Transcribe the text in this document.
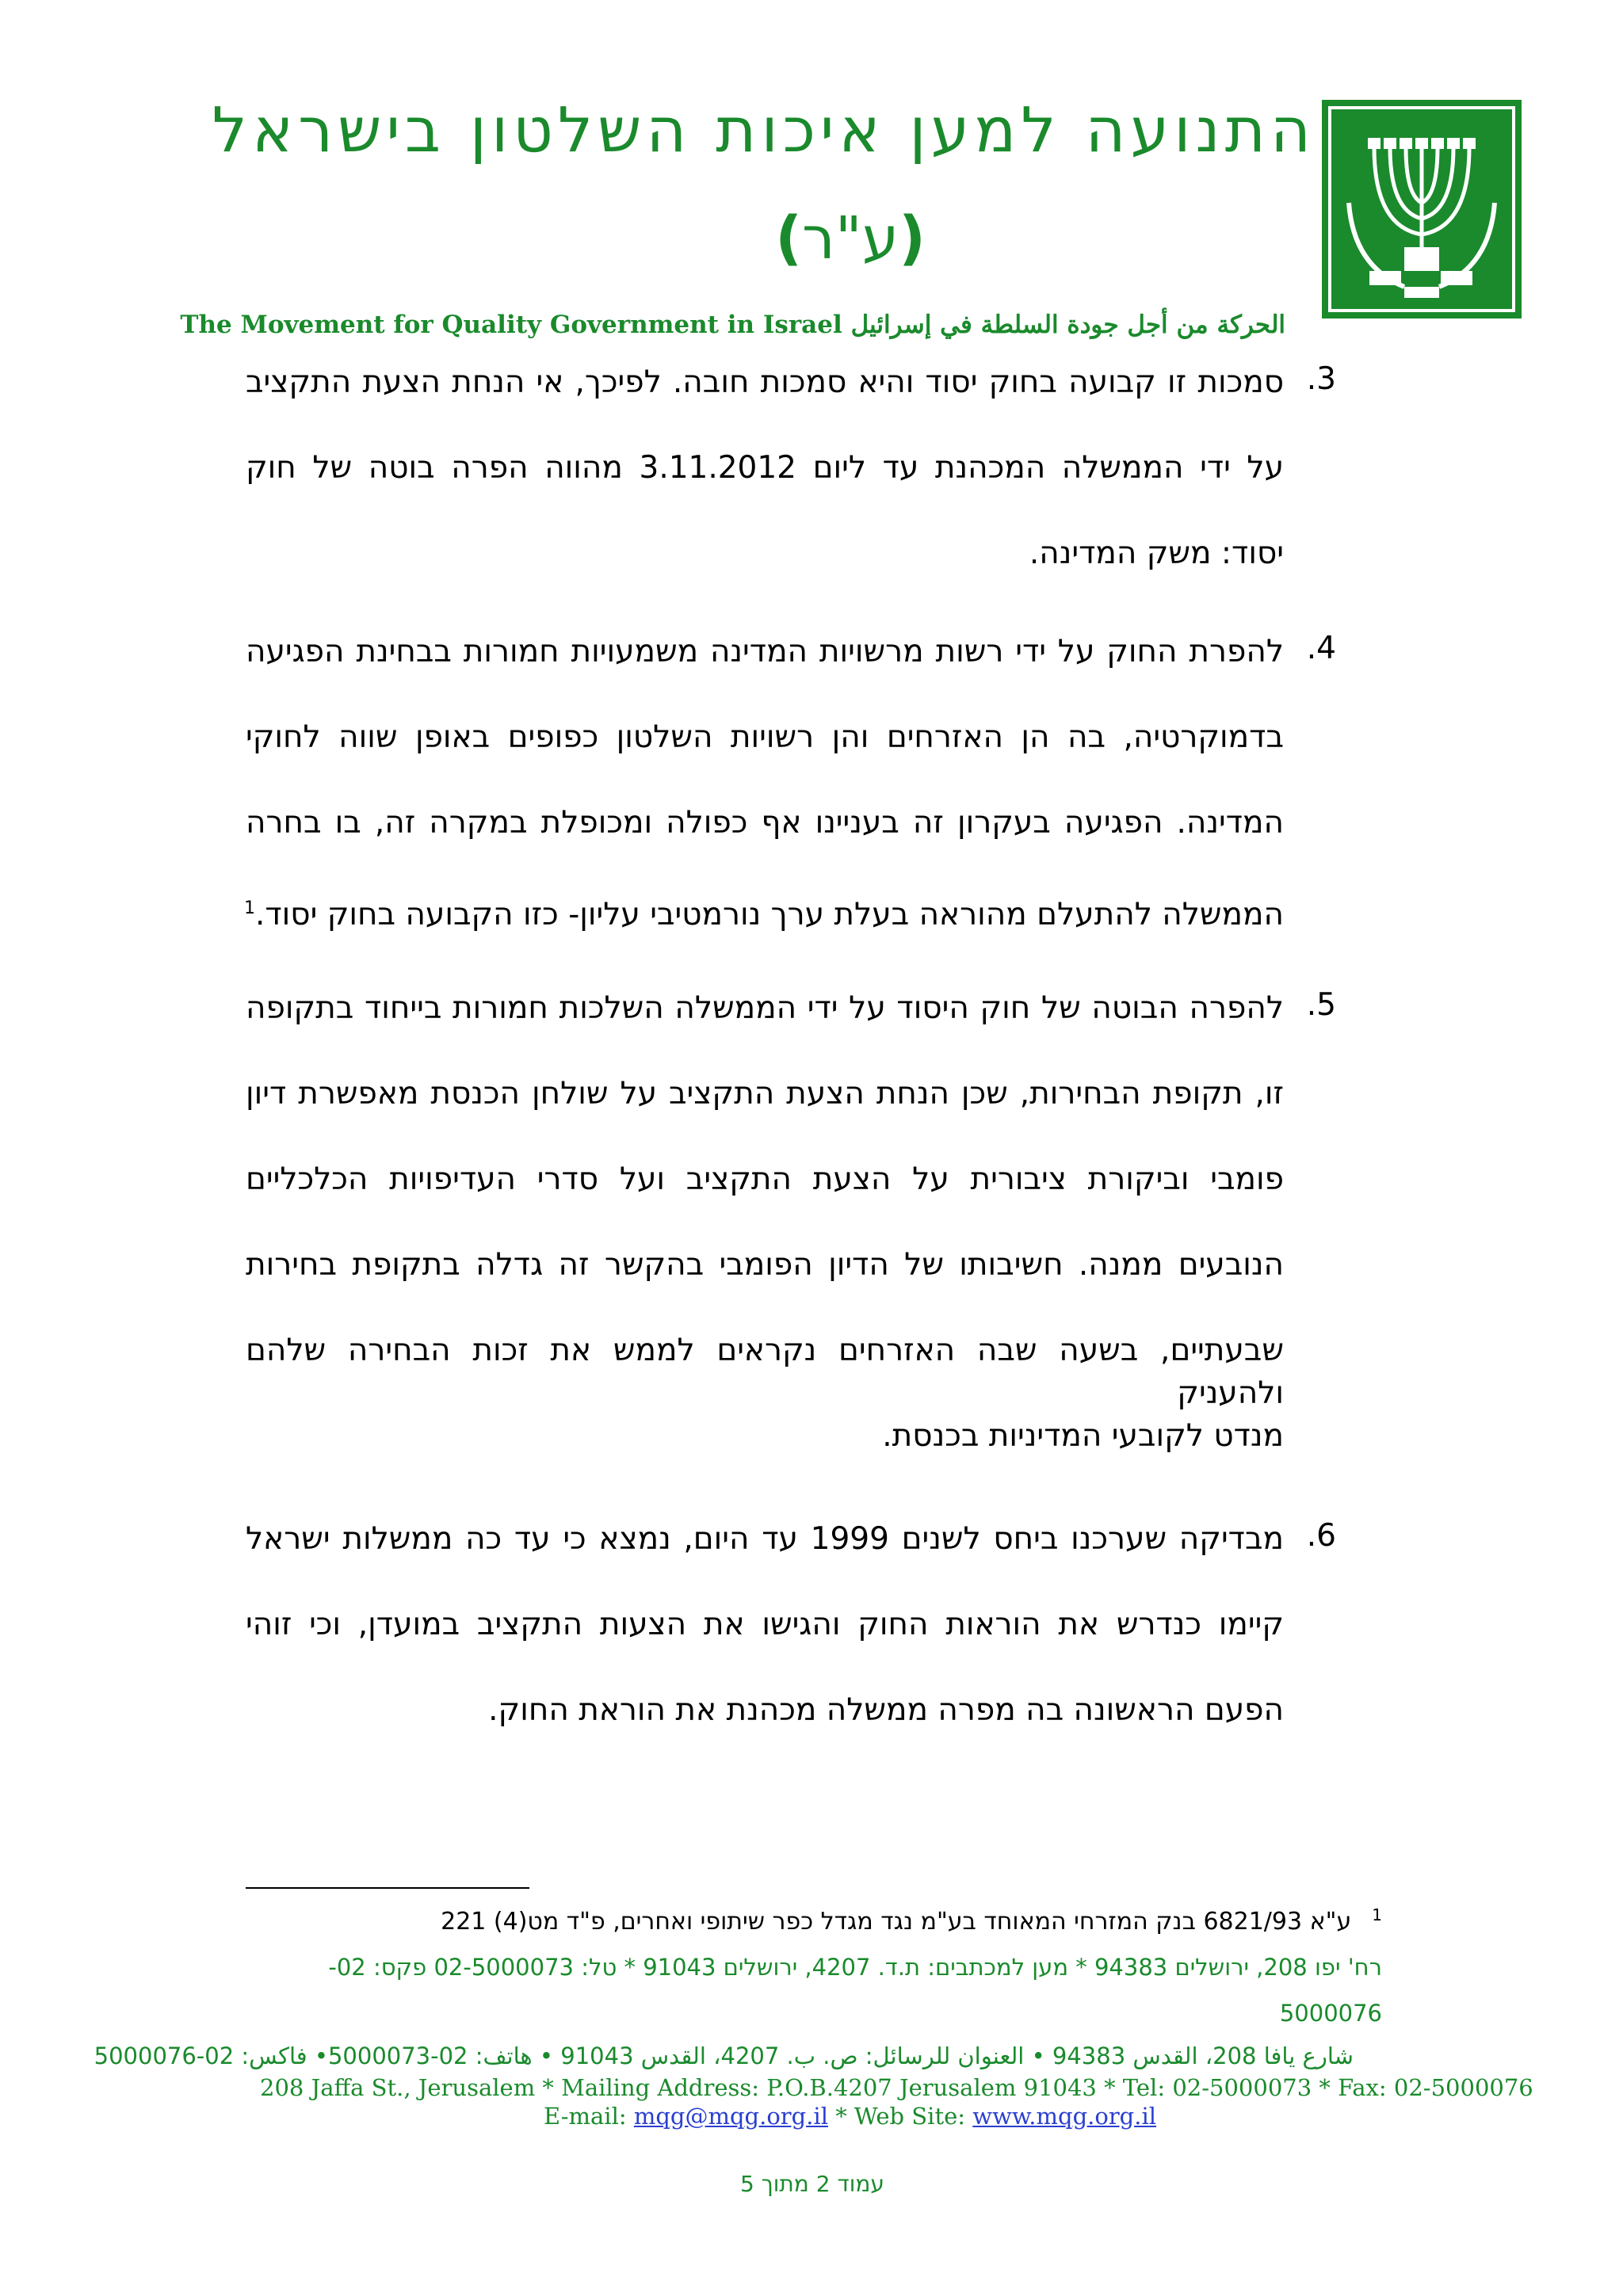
התנועה למען איכות השלטון בישראל
(ע"ר)
The Movement for Quality Government in Israel الحركة من أجل جودة السلطة في إسرائيل
3.
סמכות זו קבועה בחוק יסוד והיא סמכות חובה. לפיכך, אי הנחת הצעת התקציב
על ידי הממשלה המכהנת עד ליום 3.11.2012 מהווה הפרה בוטה של חוק
יסוד: משק המדינה.
4.
להפרת החוק על ידי רשות מרשויות המדינה משמעויות חמורות בבחינת הפגיעה
בדמוקרטיה, בה הן האזרחים והן רשויות השלטון כפופים באופן שווה לחוקי
המדינה. הפגיעה בעקרון זה בעניינו אף כפולה ומכופלת במקרה זה, בו בחרה
הממשלה להתעלם מהוראה בעלת ערך נורמטיבי עליון- כזו הקבועה בחוק יסוד.$^1$
5.
להפרה הבוטה של חוק היסוד על ידי הממשלה השלכות חמורות בייחוד בתקופה
זו, תקופת הבחירות, שכן הנחת הצעת התקציב על שולחן הכנסת מאפשרת דיון
פומבי וביקורת ציבורית על הצעת התקציב ועל סדרי העדיפויות הכלכליים
הנובעים ממנה. חשיבותו של הדיון הפומבי בהקשר זה גדלה בתקופת בחירות
שבעתיים, בשעה שבה האזרחים נקראים לממש את זכות הבחירה שלהם ולהעניק
מנדט לקובעי המדיניות בכנסת.
6.
מבדיקה שערכנו ביחס לשנים 1999 עד היום, נמצא כי עד כה ממשלות ישראל
קיימו כנדרש את הוראות החוק והגישו את הצעות התקציב במועדן, וכי זוהי
הפעם הראשונה בה מפרה ממשלה מכהנת את הוראת החוק.
$^1$ע"א 6821/93 בנק המזרחי המאוחד בע"מ נגד מגדל כפר שיתופי ואחרים, פ"ד מט(4) 221
רח' יפו 208, ירושלים 94383 * מען למכתבים: ת.ד. 4207, ירושלים 91043 * טל: 02-5000073 פקס: 02-
5000076
شارع يافا 208، القدس 94383 • العنوان للرسائل: ص. ب. 4207، القدس 91043 • هاتف: 02-5000073• فاكس: 02-5000076
208 Jaffa St., Jerusalem * Mailing Address: P.O.B.4207 Jerusalem 91043 * Tel: 02-5000073 * Fax: 02-5000076
E-mail: mqg@mqg.org.il * Web Site: www.mqg.org.il
עמוד 2 מתוך 5
